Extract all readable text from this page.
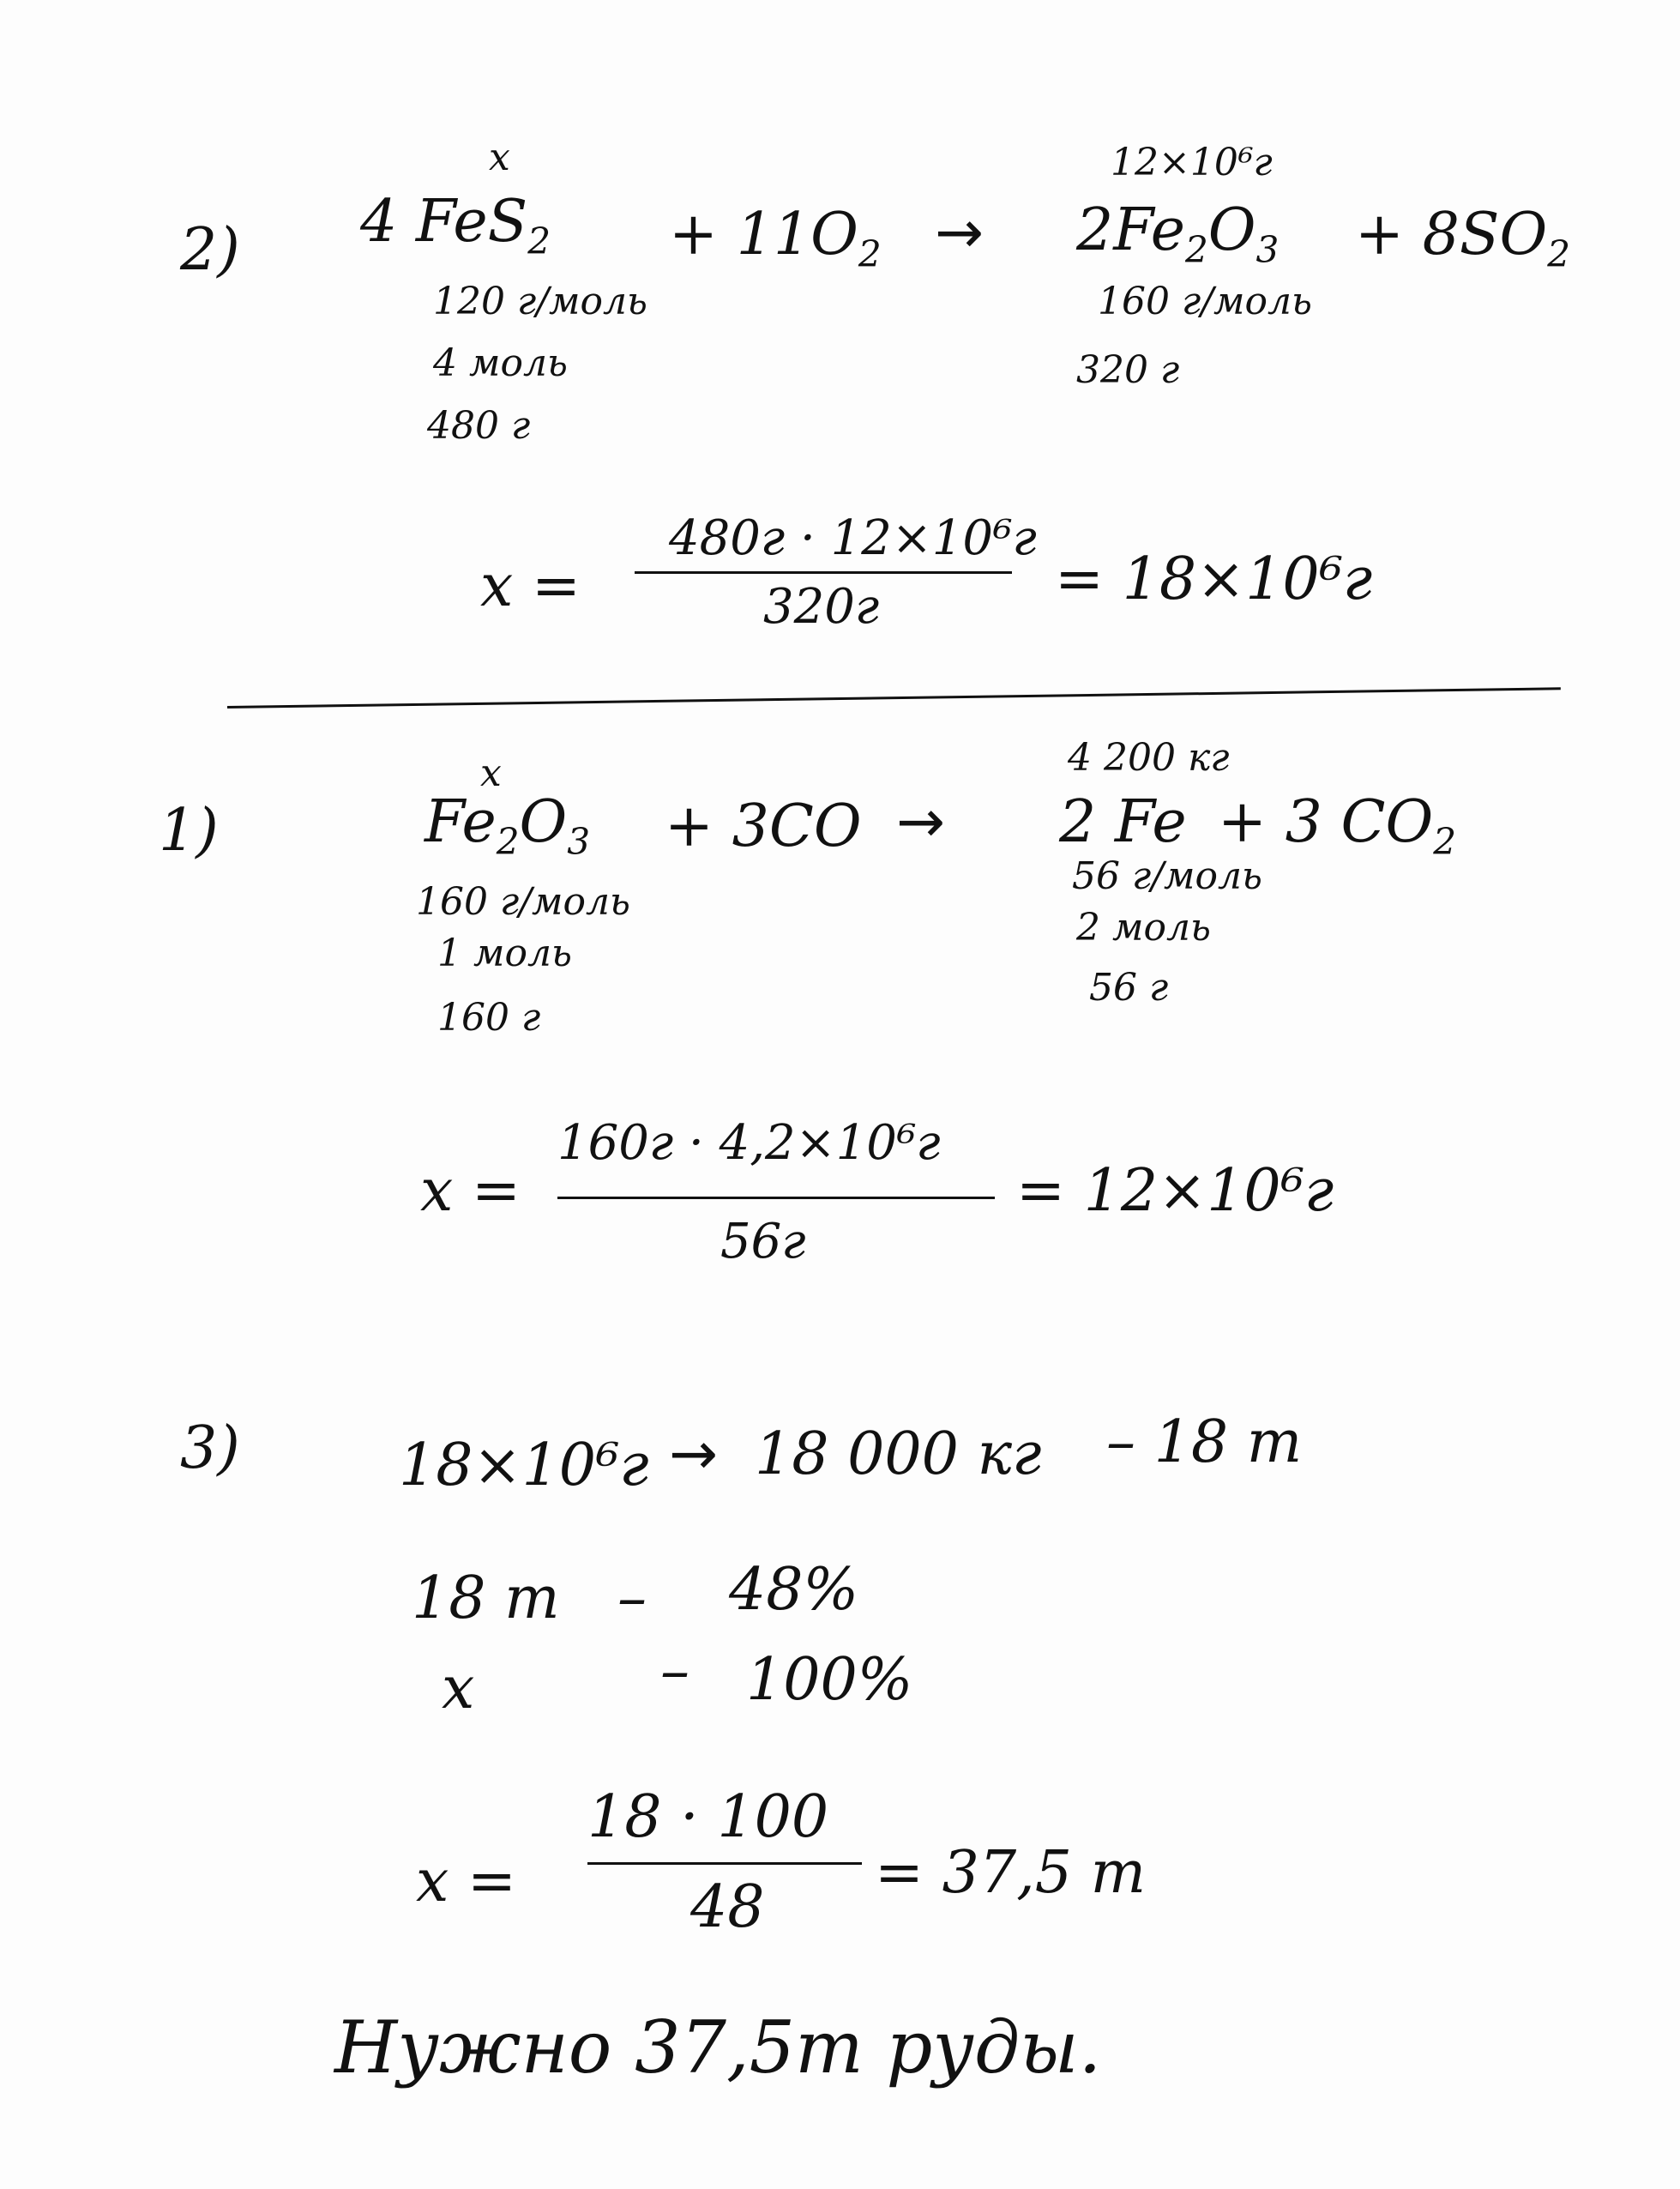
2)
x
4 $FeS_2 + 11O_2 \to 2Fe_2O_3 + 8SO_2$
12×10⁶г
120 г/моль
4 моль
480 г
160 г/моль
320 г
x =
480г · 12×10⁶г
320г	= 18×10⁶г
1)
x
$Fe_2O_3 + 3CO \to 2$ Fe + 3 $CO_2$
4 200 кг
160 г/моль
1 моль
160 г
56 г/моль
2 моль
56 г
x =
160г · 4,2×10⁶г
56г
= 12×10⁶г
3)	18×10⁶г → 18 000 кг – 18 т
18 т – 48%
x	– 100%
x =
18 · 100
48
= 37,5 т
Нужно 37,5т руды.
